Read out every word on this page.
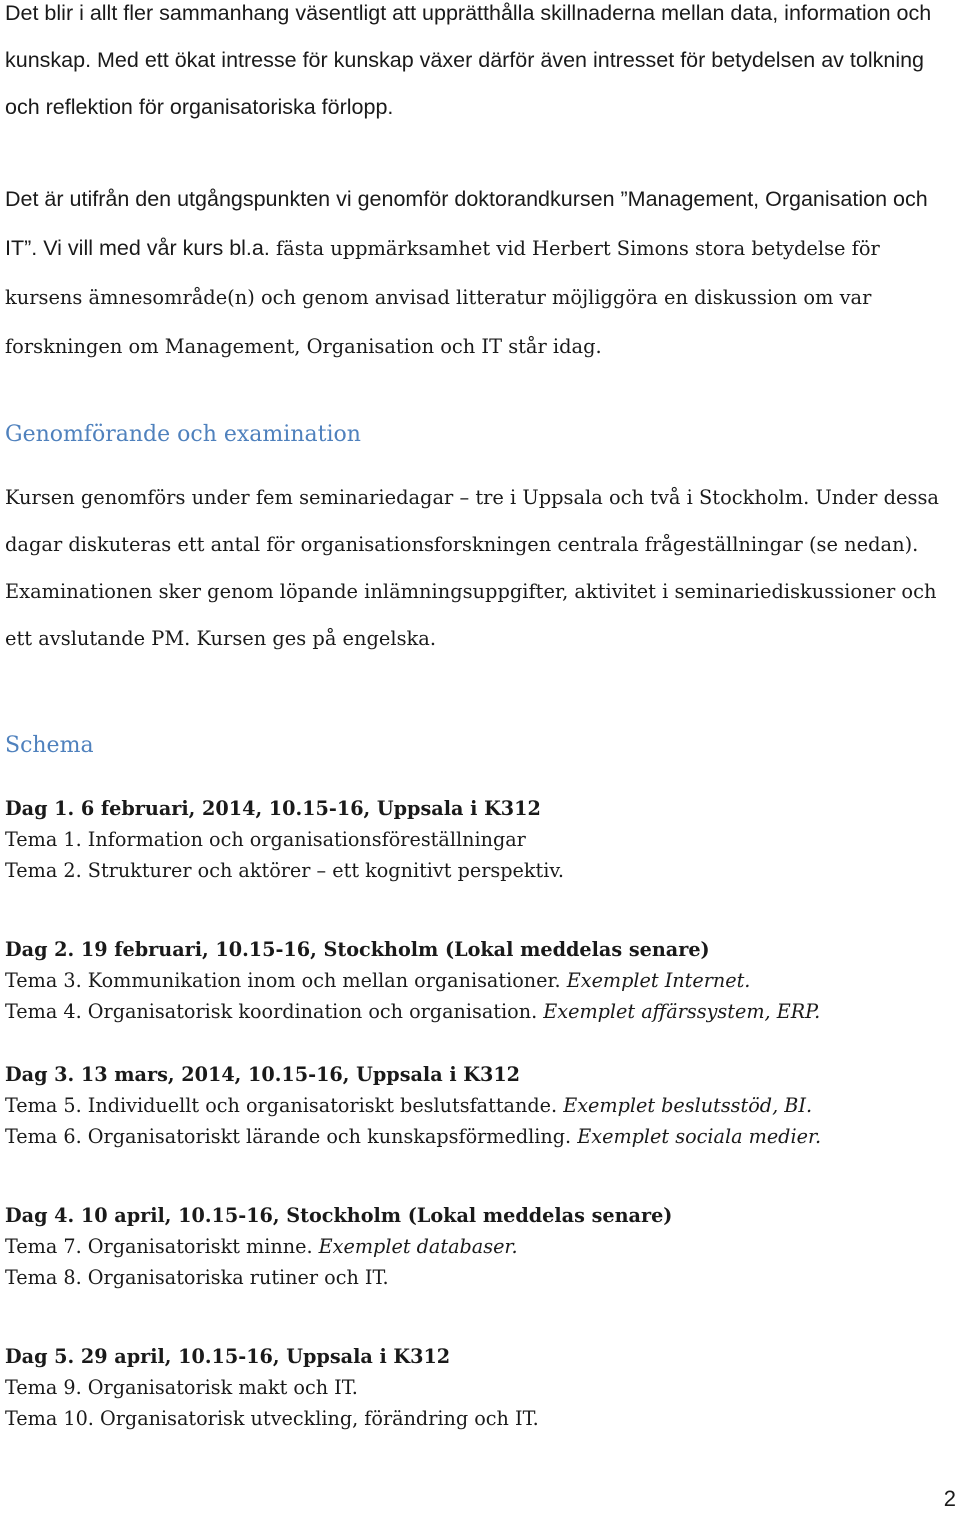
Det blir i allt fler sammanhang väsentligt att upprätthålla skillnaderna mellan data, information och kunskap. Med ett ökat intresse för kunskap växer därför även intresset för betydelsen av tolkning och reflektion för organisatoriska förlopp.

Det är utifrån den utgångspunkten vi genomför doktorandkursen ”Management, Organisation och IT”. Vi vill med vår kurs bl.a. fästa uppmärksamhet vid Herbert Simons stora betydelse för kursens ämnesområde(n) och genom anvisad litteratur möjliggöra en diskussion om var forskningen om Management, Organisation och IT står idag.

Genomförande och examination

Kursen genomförs under fem seminariedagar – tre i Uppsala och två i Stockholm. Under dessa dagar diskuteras ett antal för organisationsforskningen centrala frågeställningar (se nedan). Examinationen sker genom löpande inlämningsuppgifter, aktivitet i seminariediskussioner och ett avslutande PM. Kursen ges på engelska.

Schema

Dag 1. 6 februari, 2014, 10.15-16, Uppsala i K312

Tema 1. Information och organisationsföreställningar

Tema 2. Strukturer och aktörer – ett kognitivt perspektiv.

Dag 2. 19 februari, 10.15-16, Stockholm (Lokal meddelas senare)

Tema 3. Kommunikation inom och mellan organisationer. Exemplet Internet.

Tema 4. Organisatorisk koordination och organisation. Exemplet affärssystem, ERP.

Dag 3. 13 mars, 2014, 10.15-16, Uppsala i K312

Tema 5. Individuellt och organisatoriskt beslutsfattande. Exemplet beslutsstöd, BI.

Tema 6. Organisatoriskt lärande och kunskapsförmedling. Exemplet sociala medier.

Dag 4. 10 april, 10.15-16, Stockholm (Lokal meddelas senare)

Tema 7. Organisatoriskt minne. Exemplet databaser.

Tema 8. Organisatoriska rutiner och IT.

Dag 5. 29 april, 10.15-16, Uppsala i K312

Tema 9. Organisatorisk makt och IT.

Tema 10. Organisatorisk utveckling, förändring och IT.

2
